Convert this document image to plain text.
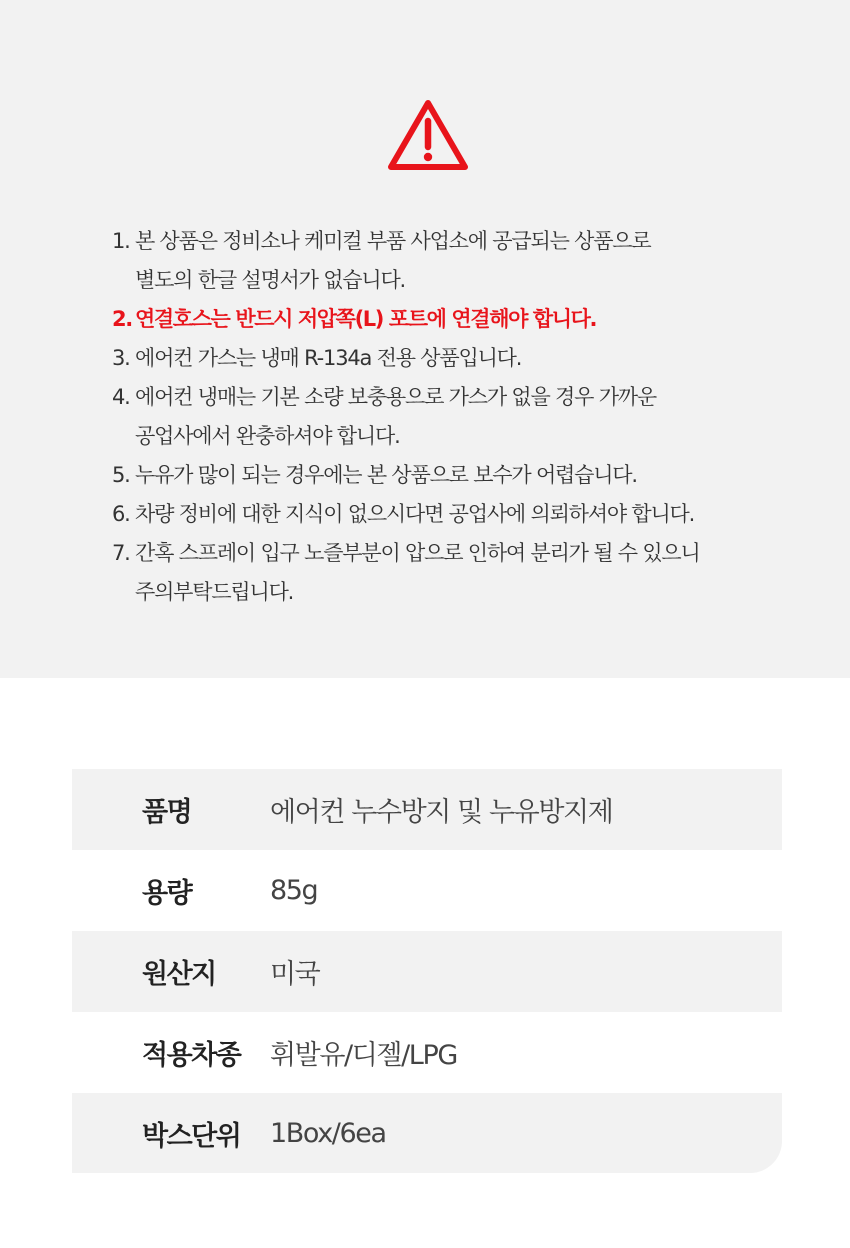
1. 본 상품은 정비소나 케미컬 부품 사업소에 공급되는 상품으로
별도의 한글 설명서가 없습니다.
2. 연결호스는 반드시 저압쪽(L) 포트에 연결해야 합니다.
3. 에어컨 가스는 냉매 R-134a 전용 상품입니다.
4. 에어컨 냉매는 기본 소량 보충용으로 가스가 없을 경우 가까운
공업사에서 완충하셔야 합니다.
5. 누유가 많이 되는 경우에는 본 상품으로 보수가 어렵습니다.
6. 차량 정비에 대한 지식이 없으시다면 공업사에 의뢰하셔야 합니다.
7. 간혹 스프레이 입구 노즐부분이 압으로 인하여 분리가 될 수 있으니
주의부탁드립니다.
품명	에어컨 누수방지 및 누유방지제
용량	85g
원산지	미국
적용차종	휘발유/디젤/LPG
박스단위	1Box/6ea
